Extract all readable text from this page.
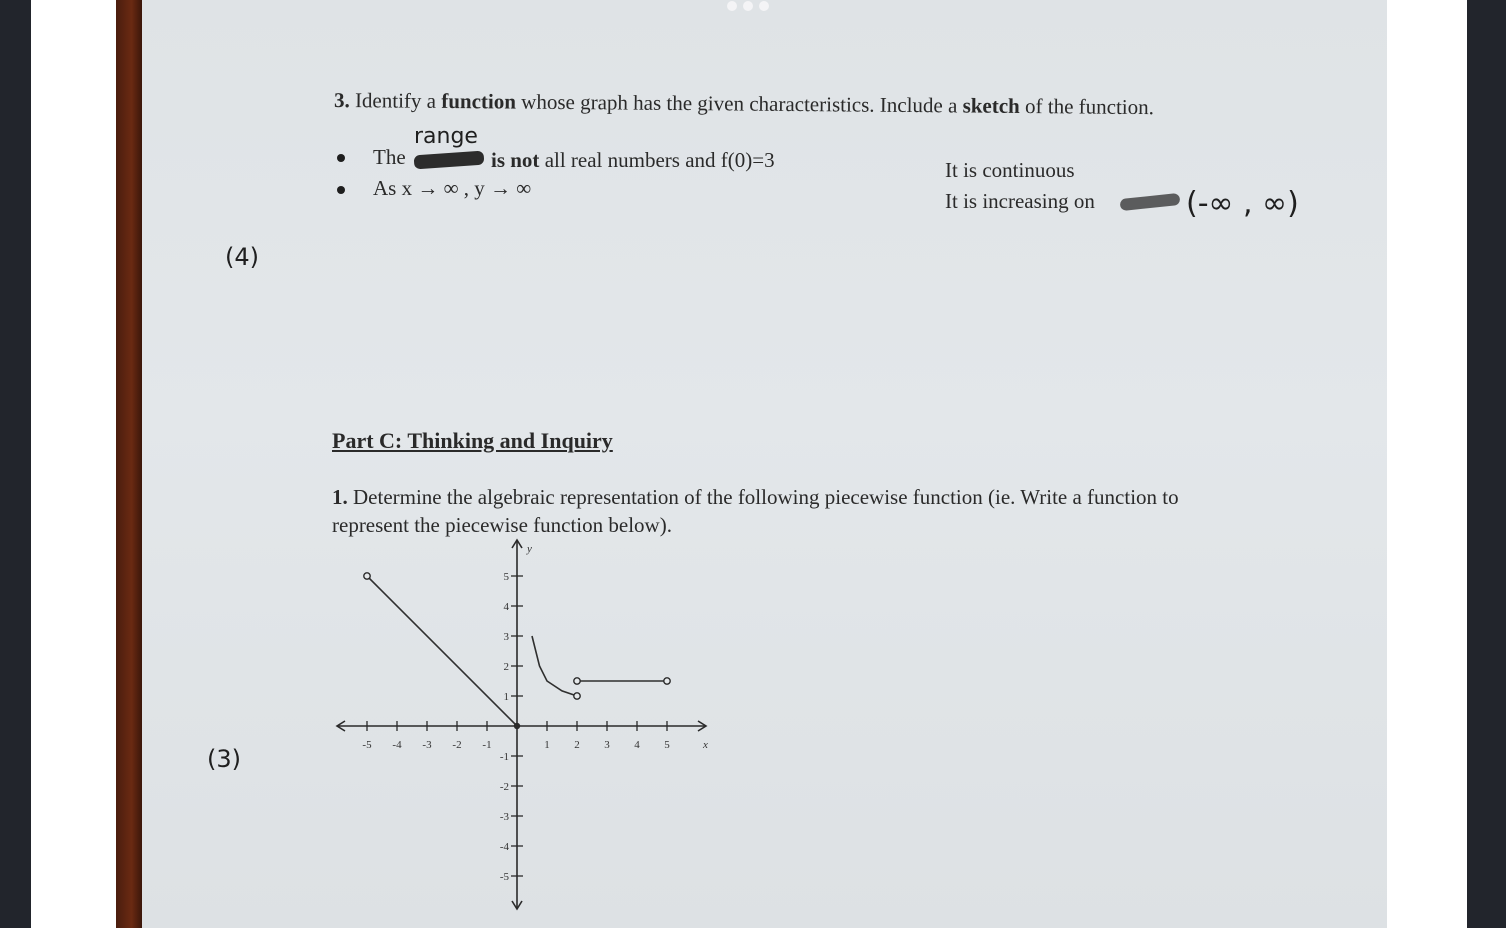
3. Identify a function whose graph has the given characteristics. Include a sketch of the function.
range
The	is not all real numbers and f(0)=3
As x → ∞ , y → ∞
It is continuous
It is increasing on	(-∞ , ∞)
(4)
Part C: Thinking and Inquiry
1. Determine the algebraic representation of the following piecewise function (ie. Write a function to
represent the piecewise function below).
(3)	-5 -4 -3 -2 -1	1 2 3 4 5
5
4
3
2
1
-1
-2
-3
-4
-5
x
y
